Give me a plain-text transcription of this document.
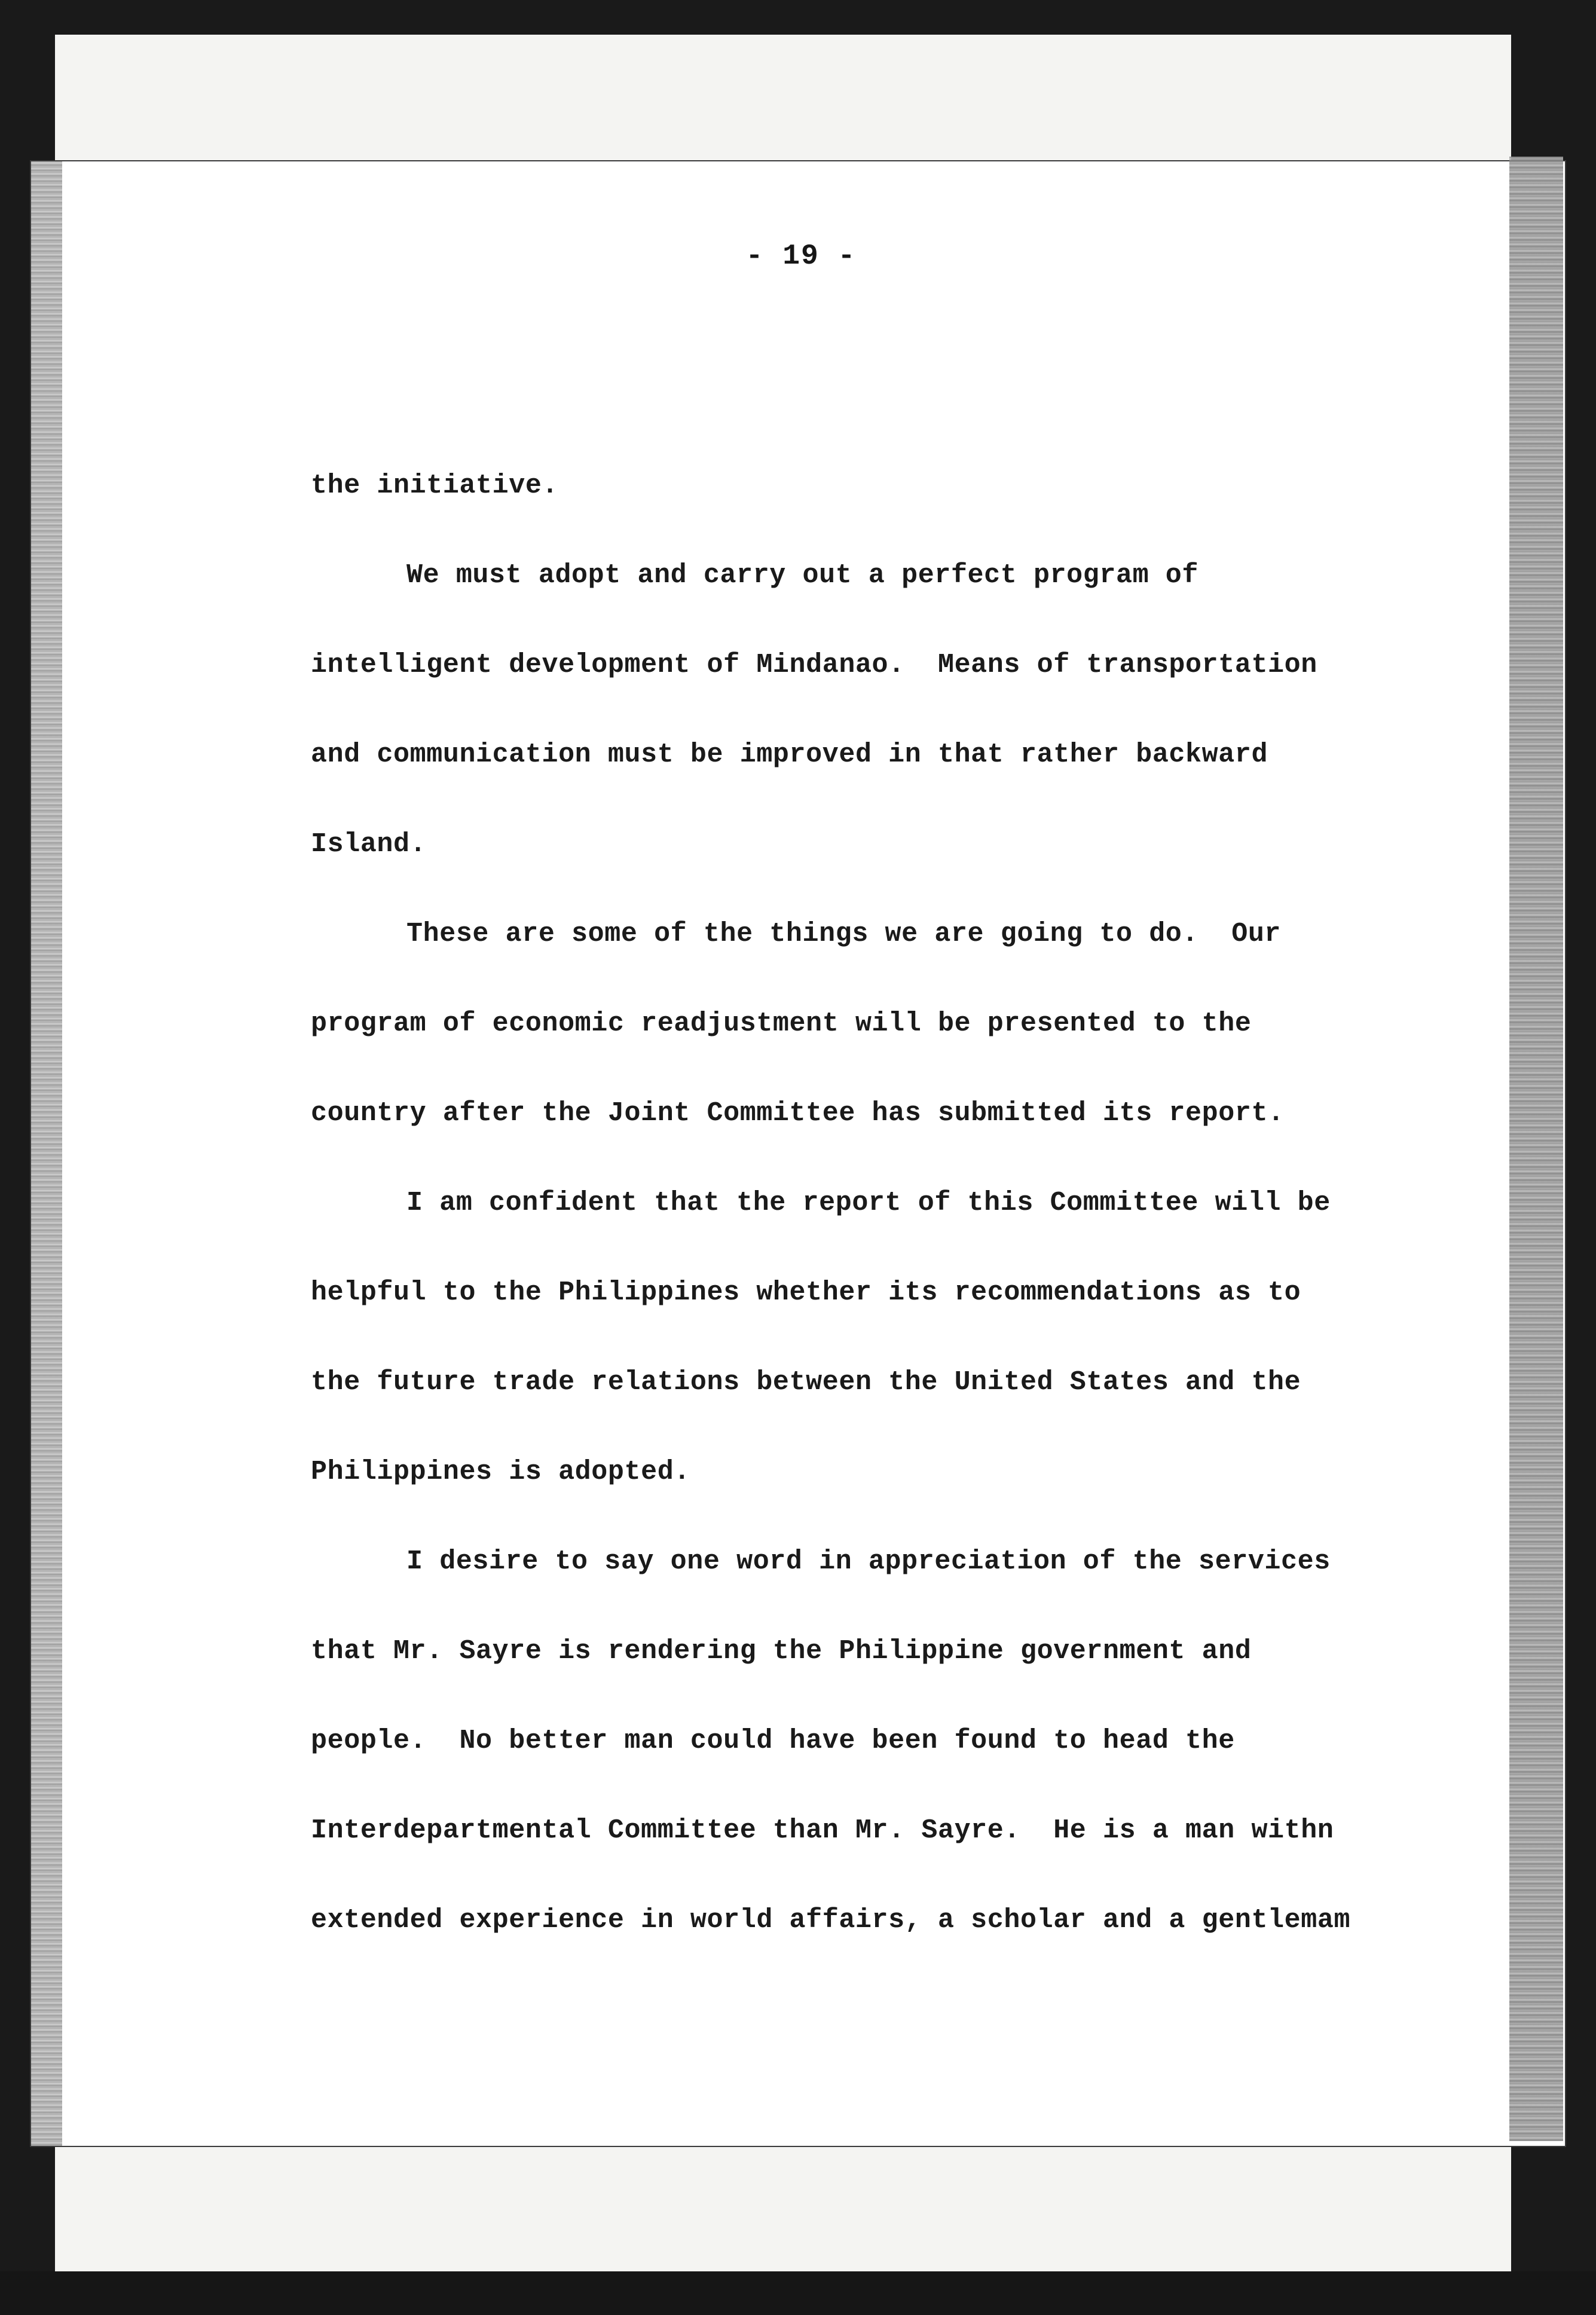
- 19 -
the initiative.
We must adopt and carry out a perfect program of
intelligent development of Mindanao.  Means of transportation
and communication must be improved in that rather backward
Island.
These are some of the things we are going to do.  Our
program of economic readjustment will be presented to the
country after the Joint Committee has submitted its report.
I am confident that the report of this Committee will be
helpful to the Philippines whether its recommendations as to
the future trade relations between the United States and the
Philippines is adopted.
I desire to say one word in appreciation of the services
that Mr. Sayre is rendering the Philippine government and
people.  No better man could have been found to head the
Interdepartmental Committee than Mr. Sayre.  He is a man withn
extended experience in world affairs, a scholar and a gentlemam
